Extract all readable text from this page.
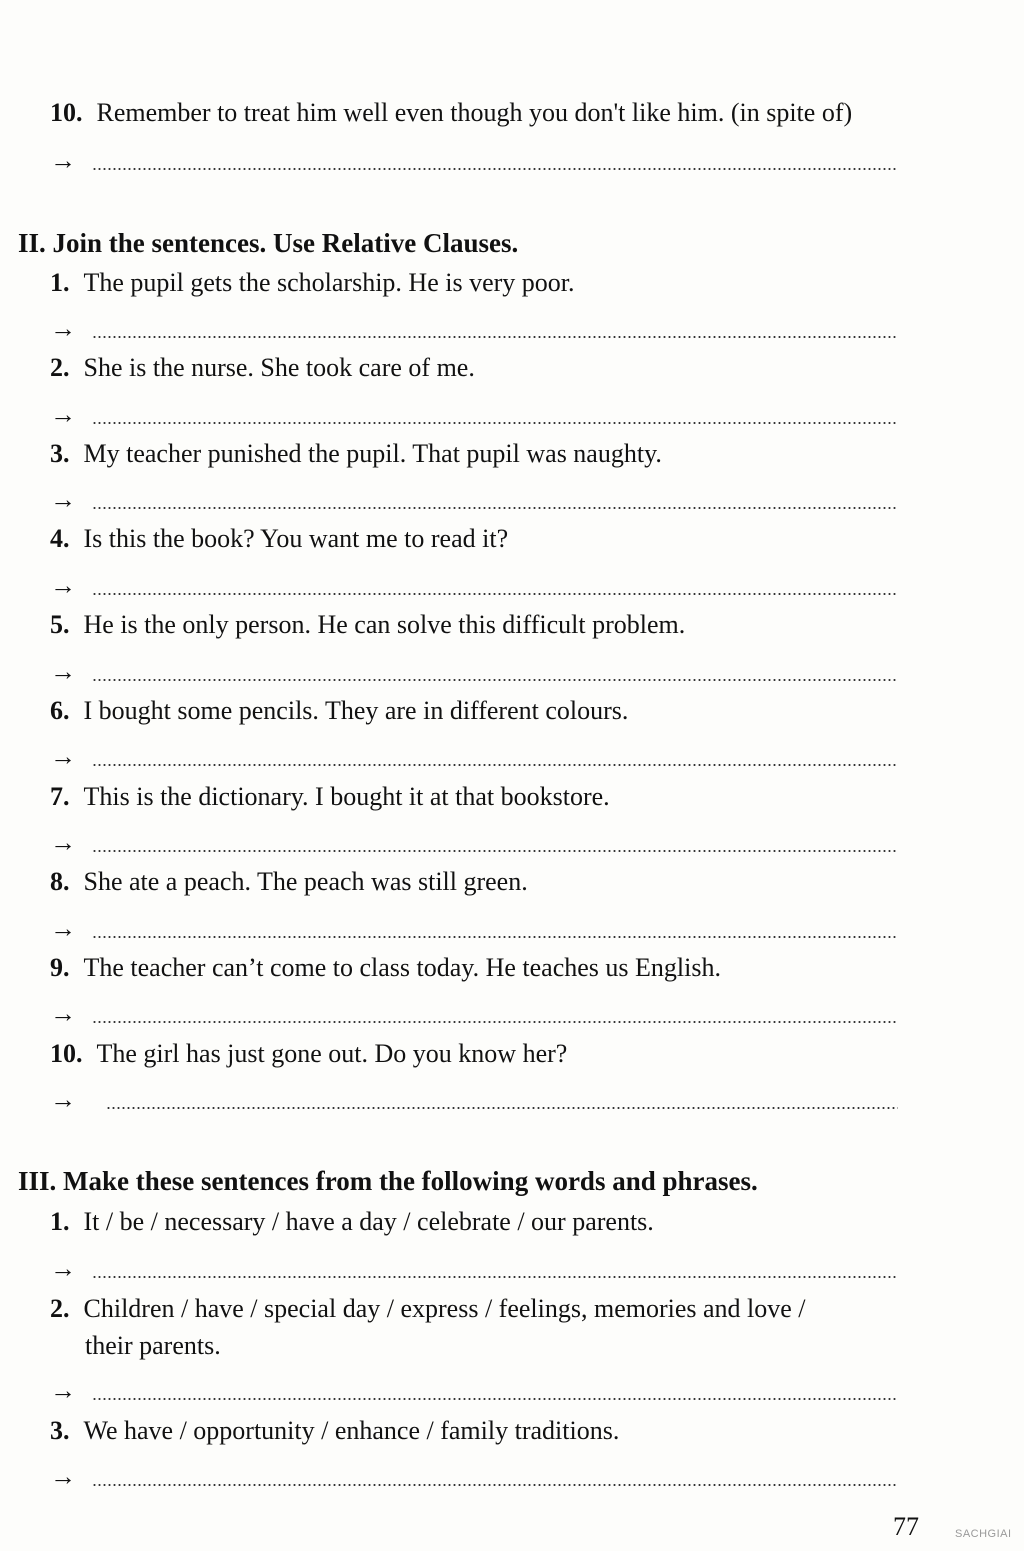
10. Remember to treat him well even though you don't like him. (in spite of)
→
II. Join the sentences. Use Relative Clauses.
1. The pupil gets the scholarship. He is very poor.
→
2. She is the nurse. She took care of me.
→
3. My teacher punished the pupil. That pupil was naughty.
→
4. Is this the book? You want me to read it?
→
5. He is the only person. He can solve this difficult problem.
→
6. I bought some pencils. They are in different colours.
→
7. This is the dictionary. I bought it at that bookstore.
→
8. She ate a peach. The peach was still green.
→
9. The teacher can’t come to class today. He teaches us English.
→
10. The girl has just gone out. Do you know her?
→
III. Make these sentences from the following words and phrases.
1. It / be / necessary / have a day / celebrate / our parents.
→
2. Children / have / special day / express / feelings, memories and love /
their parents.
→
3. We have / opportunity / enhance / family traditions.
→
77	SACHGIAI
